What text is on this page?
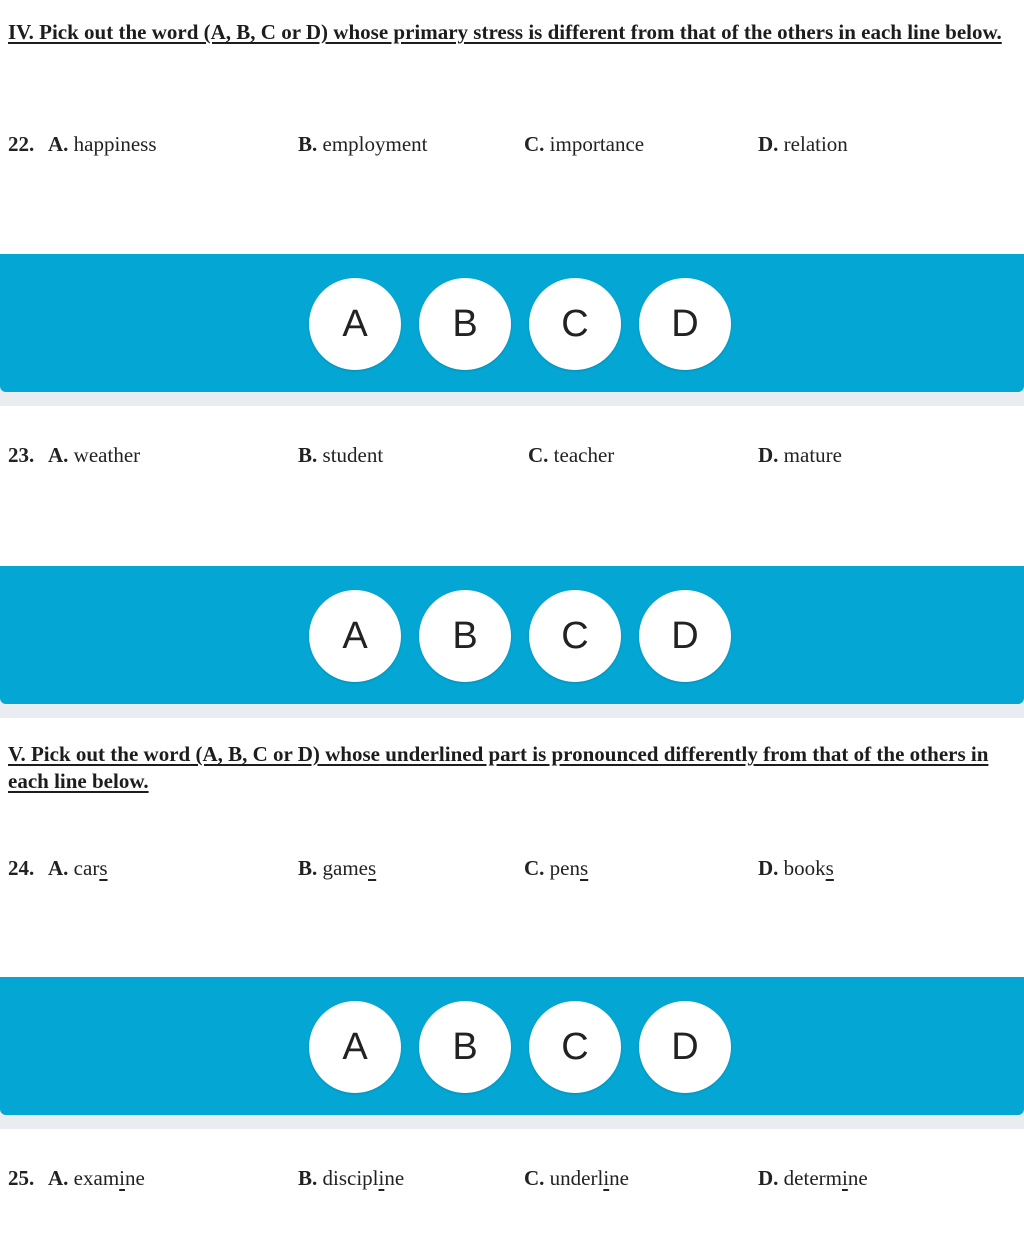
IV. Pick out the word (A, B, C or D) whose primary stress is different from that of the others in each line below.
22. A. happiness	B. employment	C. importance	D. relation
A	B	C	D
23. A. weather	B. student	C. teacher	D. mature
A	B	C	D
V. Pick out the word (A, B, C or D) whose underlined part is pronounced differently from that of the others in each line below.
24. A. cars	B. games	C. pens	D. books
A	B	C	D
25. A. examine	B. discipline	C. underline	D. determine
